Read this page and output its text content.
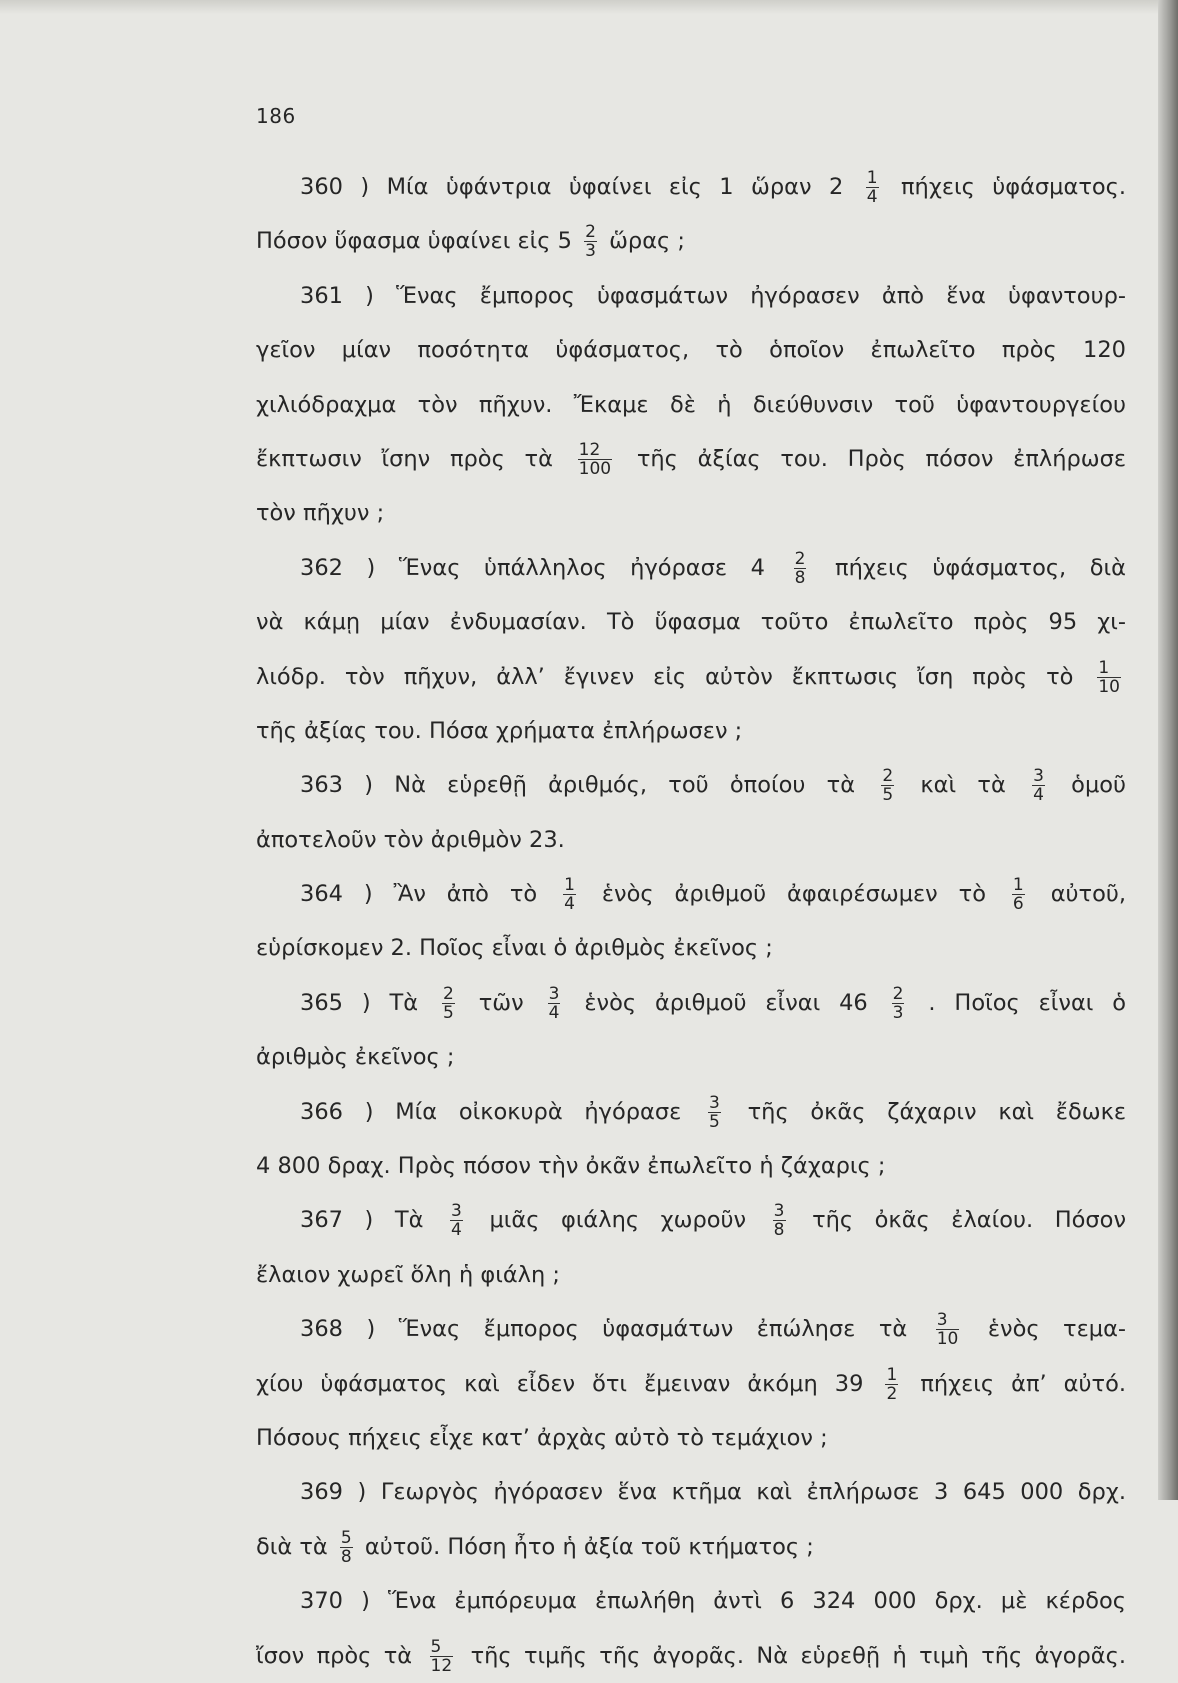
186
360 ) Μία ὑφάντρια ὑφαίνει εἰς 1 ὥραν $2 \frac{1}{4}$ πήχεις ὑφάσματος.
Πόσον ὕφασμα ὑφαίνει εἰς $5 \frac{2}{3}$ ὥρας ;
361 ) Ἕνας ἔμπορος ὑφασμάτων ἠγόρασεν ἀπὸ ἕνα ὑφαντουρ-
γεῖον μίαν ποσότητα ὑφάσματος, τὸ ὁποῖον ἐπωλεῖτο πρὸς 120
χιλιόδραχμα τὸν πῆχυν. Ἔκαμε δὲ ἡ διεύθυνσιν τοῦ ὑφαντουργείου
ἔκπτωσιν ἴσην πρὸς τὰ $\frac{12}{100}$ τῆς ἀξίας του. Πρὸς πόσον ἐπλήρωσε
τὸν πῆχυν ;
362 ) Ἕνας ὑπάλληλος ἠγόρασε $4 \frac{2}{8}$ πήχεις ὑφάσματος, διὰ
νὰ κάμῃ μίαν ἐνδυμασίαν. Τὸ ὕφασμα τοῦτο ἐπωλεῖτο πρὸς 95 χι-
λιόδρ. τὸν πῆχυν, ἀλλ’ ἔγινεν εἰς αὐτὸν ἔκπτωσις ἴση πρὸς τὸ $\frac{1}{10}$
τῆς ἀξίας του. Πόσα χρήματα ἐπλήρωσεν ;
363 ) Νὰ εὑρεθῇ ἀριθμός, τοῦ ὁποίου τὰ $\frac{2}{5}$ καὶ τὰ $\frac{3}{4}$ ὁμοῦ
ἀποτελοῦν τὸν ἀριθμὸν 23.
364 ) Ἂν ἀπὸ τὸ $\frac{1}{4}$ ἑνὸς ἀριθμοῦ ἀφαιρέσωμεν τὸ $\frac{1}{6}$ αὐτοῦ,
εὑρίσκομεν 2. Ποῖος εἶναι ὁ ἀριθμὸς ἐκεῖνος ;
365 ) Τὰ $\frac{2}{5}$ τῶν $\frac{3}{4}$ ἑνὸς ἀριθμοῦ εἶναι $46 \frac{2}{3}$ . Ποῖος εἶναι ὁ
ἀριθμὸς ἐκεῖνος ;
366 ) Μία οἰκοκυρὰ ἠγόρασε $\frac{3}{5}$ τῆς ὀκᾶς ζάχαριν καὶ ἔδωκε
4 800 δραχ. Πρὸς πόσον τὴν ὀκᾶν ἐπωλεῖτο ἡ ζάχαρις ;
367 ) Τὰ $\frac{3}{4}$ μιᾶς φιάλης χωροῦν $\frac{3}{8}$ τῆς ὀκᾶς ἐλαίου. Πόσον
ἔλαιον χωρεῖ ὅλη ἡ φιάλη ;
368 ) Ἕνας ἔμπορος ὑφασμάτων ἐπώλησε τὰ $\frac{3}{10}$ ἑνὸς τεμα-
χίου ὑφάσματος καὶ εἶδεν ὅτι ἔμειναν ἀκόμη $39 \frac{1}{2}$ πήχεις ἀπ’ αὐτό.
Πόσους πήχεις εἶχε κατ’ ἀρχὰς αὐτὸ τὸ τεμάχιον ;
369 ) Γεωργὸς ἠγόρασεν ἕνα κτῆμα καὶ ἐπλήρωσε 3 645 000 δρχ.
διὰ τὰ $\frac{5}{8}$ αὐτοῦ. Πόση ἦτο ἡ ἀξία τοῦ κτήματος ;
370 ) Ἕνα ἐμπόρευμα ἐπωλήθη ἀντὶ 6 324 000 δρχ. μὲ κέρδος
ἴσον πρὸς τὰ $\frac{5}{12}$ τῆς τιμῆς τῆς ἀγορᾶς. Νὰ εὑρεθῇ ἡ τιμὴ τῆς ἀγορᾶς.
